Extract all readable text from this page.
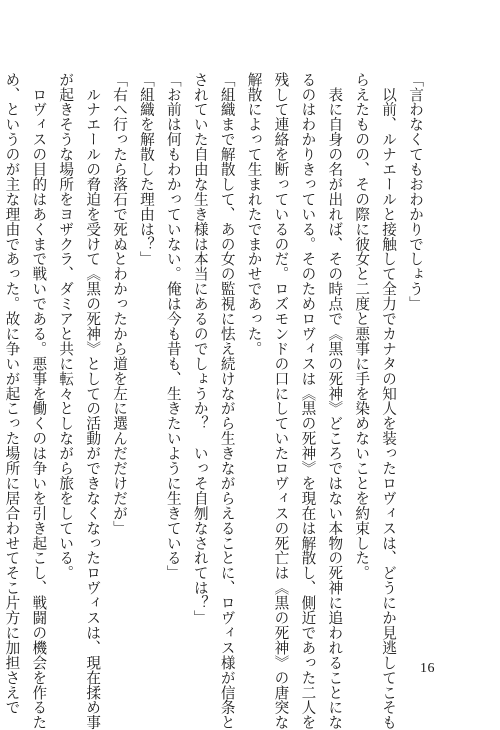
「言わなくてもおわかりでしょう」
　以前、ルナエールと接触して全力でカナタの知人を装ったロヴィスは、どうにか見逃してこそも
らえたものの、その際に彼女と二度と悪事に手を染めないことを約束した。
　表に自身の名が出れば、その時点で《黒の死神》どころではない本物の死神に追われることにな
るのはわかりきっている。そのためロヴィスは《黒の死神》を現在は解散し、側近であった二人を
残して連絡を断っているのだ。ロズモンドの口にしていたロヴィスの死亡は《黒の死神》の唐突な
解散によって生まれたでまかせであった。
「組織まで解散して、あの女の監視に怯え続けながら生きながらえることに、ロヴィス様が信条と
されていた自由な生き様は本当にあるのでしょうか？　いっそ自刎なされては？」
「お前は何もわかっていない。俺は今も昔も、生きたいように生きている」
「組織を解散した理由は？」
「右へ行ったら落石で死ぬとわかったから道を左に選んだだけだが」
　ルナエールの脅迫を受けて《黒の死神》としての活動ができなくなったロヴィスは、現在揉め事
が起きそうな場所をヨザクラ、ダミアと共に転々としながら旅をしている。
　ロヴィスの目的はあくまで戦いである。悪事を働くのは争いを引き起こし、戦闘の機会を作るた
め、というのが主な理由であった。故に争いが起こった場所に居合わせてそこ片方に加担さえで	16
